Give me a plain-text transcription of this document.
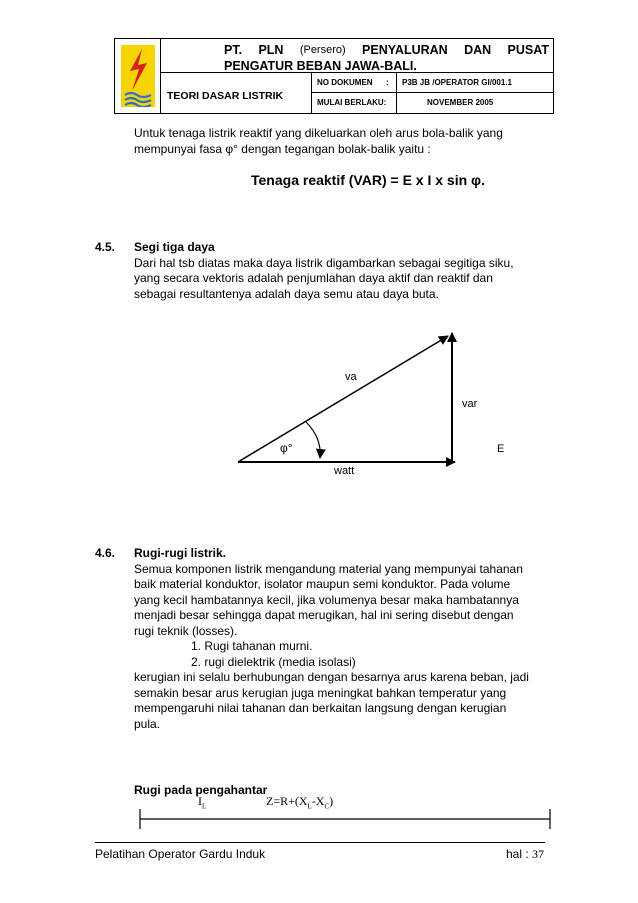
PT. PLN (Persero) PENYALURAN DAN PUSAT
PENGATUR BEBAN JAWA-BALI.
TEORI DASAR LISTRIK
NO DOKUMEN : P3B JB /OPERATOR GI/001.1
MULAI BERLAKU:	NOVEMBER 2005
Untuk tenaga listrik reaktif yang dikeluarkan oleh arus bola-balik yang
mempunyai fasa φ° dengan tegangan bolak-balik yaitu :
Tenaga reaktif (VAR) = E x I x sin φ.
4.5. Segi tiga daya
Dari hal tsb diatas maka daya listrik digambarkan sebagai segitiga siku,
yang secara vektoris adalah penjumlahan daya aktif dan reaktif dan
sebagai resultantenya adalah daya semu atau daya buta.
va
var
E
φ°
watt
4.6. Rugi-rugi listrik.
Semua komponen listrik mengandung material yang mempunyai tahanan
baik material konduktor, isolator maupun semi konduktor. Pada volume
yang kecil hambatannya kecil, jika volumenya besar maka hambatannya
menjadi besar sehingga dapat merugikan, hal ini sering disebut dengan
rugi teknik (losses).
1. Rugi tahanan murni.
2. rugi dielektrik (media isolasi)
kerugian ini selalu berhubungan dengan besarnya arus karena beban, jadi
semakin besar arus kerugian juga meningkat bahkan temperatur yang
mempengaruhi nilai tahanan dan berkaitan langsung dengan kerugian
pula.
Rugi pada pengahantar
$I_L$	$Z=R+(X_L-X_C)$
Pelatihan Operator Gardu Induk	hal : 37
